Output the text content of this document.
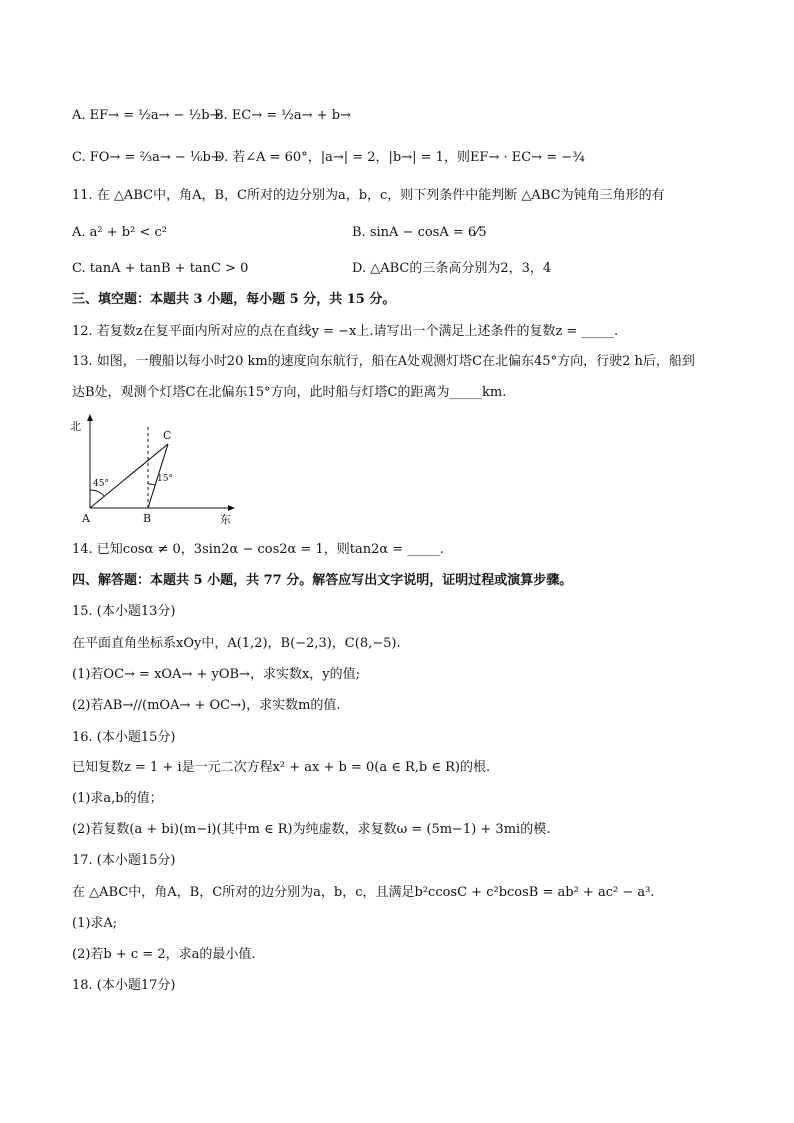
A. EF→ = ½a→ − ½b→
B. EC→ = ½a→ + b→
C. FO→ = ⅔a→ − ⅙b→
D. 若∠A = 60°，|a→| = 2，|b→| = 1，则EF→ · EC→ = −¾
11. 在 △ABC中，角A，B，C所对的边分别为a，b，c，则下列条件中能判断 △ABC为钝角三角形的有
A. a² + b² < c²	B. sinA − cosA = 6⁄5
C. tanA + tanB + tanC > 0	D. △ABC的三条高分别为2，3，4
三、填空题：本题共 3 小题，每小题 5 分，共 15 分。
12. 若复数z在复平面内所对应的点在直线y = −x上.请写出一个满足上述条件的复数z = _____.
13. 如图，一艘船以每小时20 km的速度向东航行，船在A处观测灯塔C在北偏东45°方向，行驶2 h后，船到
达B处，观测个灯塔C在北偏东15°方向，此时船与灯塔C的距离为_____km.
北
东
A	B
C
45°	15°
14. 已知cosα ≠ 0，3sin2α − cos2α = 1，则tan2α = _____.
四、解答题：本题共 5 小题，共 77 分。解答应写出文字说明，证明过程或演算步骤。
15. (本小题13分)
在平面直角坐标系xOy中，A(1,2)，B(−2,3)，C(8,−5).
(1)若OC→ = xOA→ + yOB→，求实数x，y的值;
(2)若AB→//(mOA→ + OC→)，求实数m的值.
16. (本小题15分)
已知复数z = 1 + i是一元二次方程x² + ax + b = 0(a ∈ R,b ∈ R)的根.
(1)求a,b的值；
(2)若复数(a + bi)(m−i)(其中m ∈ R)为纯虚数，求复数ω = (5m−1) + 3mi的模.
17. (本小题15分)
在 △ABC中，角A，B，C所对的边分别为a，b，c，且满足b²ccosC + c²bcosB = ab² + ac² − a³.
(1)求A;
(2)若b + c = 2，求a的最小值.
18. (本小题17分)
